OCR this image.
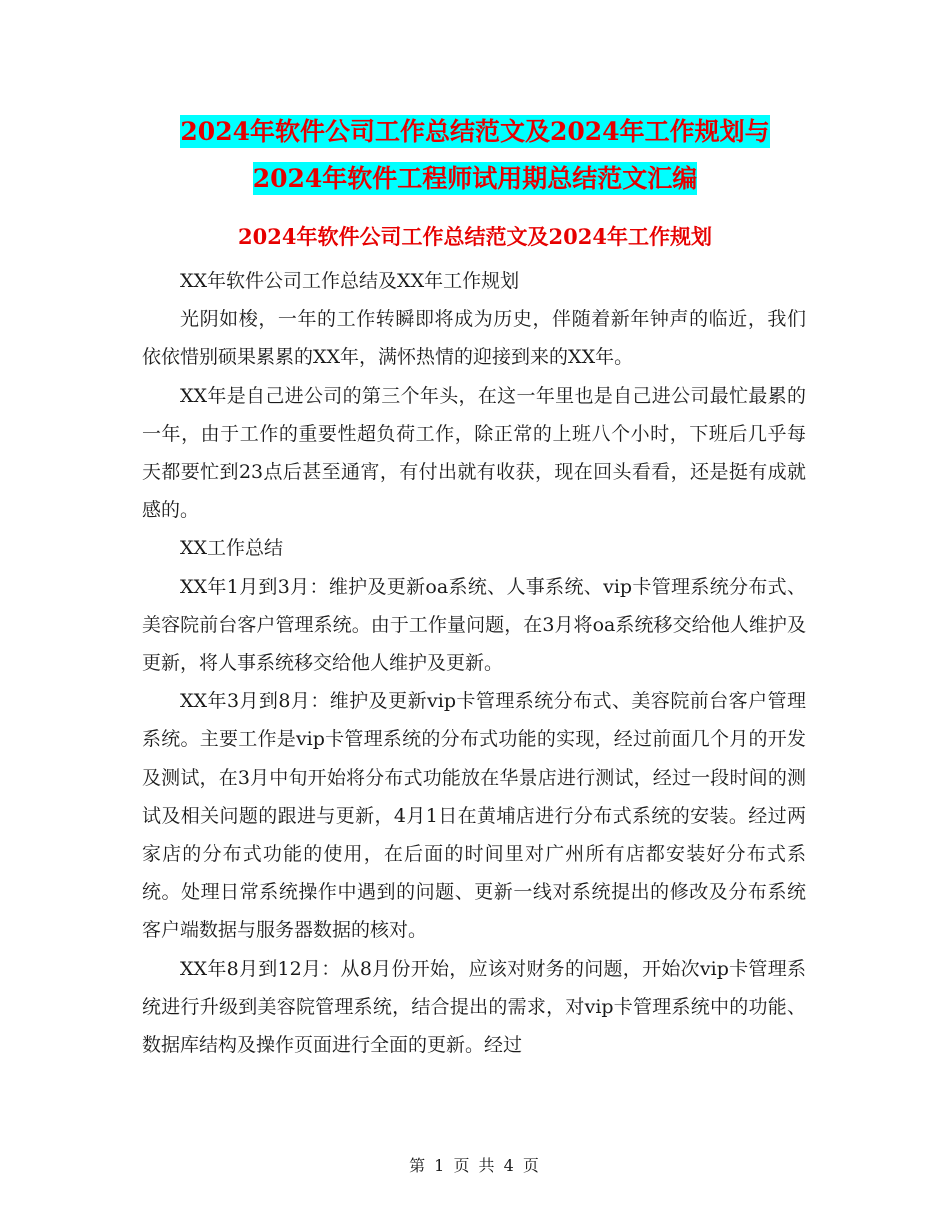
2024年软件公司工作总结范文及2024年工作规划与
2024年软件工程师试用期总结范文汇编
2024年软件公司工作总结范文及2024年工作规划

XX年软件公司工作总结及XX年工作规划

光阴如梭，一年的工作转瞬即将成为历史，伴随着新年钟声的临近，我们依依惜别硕果累累的XX年，满怀热情的迎接到来的XX年。

XX年是自己进公司的第三个年头，在这一年里也是自己进公司最忙最累的一年，由于工作的重要性超负荷工作，除正常的上班八个小时，下班后几乎每天都要忙到23点后甚至通宵，有付出就有收获，现在回头看看，还是挺有成就感的。

XX工作总结

XX年1月到3月：维护及更新oa系统、人事系统、vip卡管理系统分布式、美容院前台客户管理系统。由于工作量问题，在3月将oa系统移交给他人维护及更新，将人事系统移交给他人维护及更新。

XX年3月到8月：维护及更新vip卡管理系统分布式、美容院前台客户管理系统。主要工作是vip卡管理系统的分布式功能的实现，经过前面几个月的开发及测试，在3月中旬开始将分布式功能放在华景店进行测试，经过一段时间的测试及相关问题的跟进与更新，4月1日在黄埔店进行分布式系统的安装。经过两家店的分布式功能的使用，在后面的时间里对广州所有店都安装好分布式系统。处理日常系统操作中遇到的问题、更新一线对系统提出的修改及分布系统客户端数据与服务器数据的核对。

XX年8月到12月：从8月份开始，应该对财务的问题，开始次vip卡管理系统进行升级到美容院管理系统，结合提出的需求，对vip卡管理系统中的功能、数据库结构及操作页面进行全面的更新。经过

第 1 页 共 4 页
